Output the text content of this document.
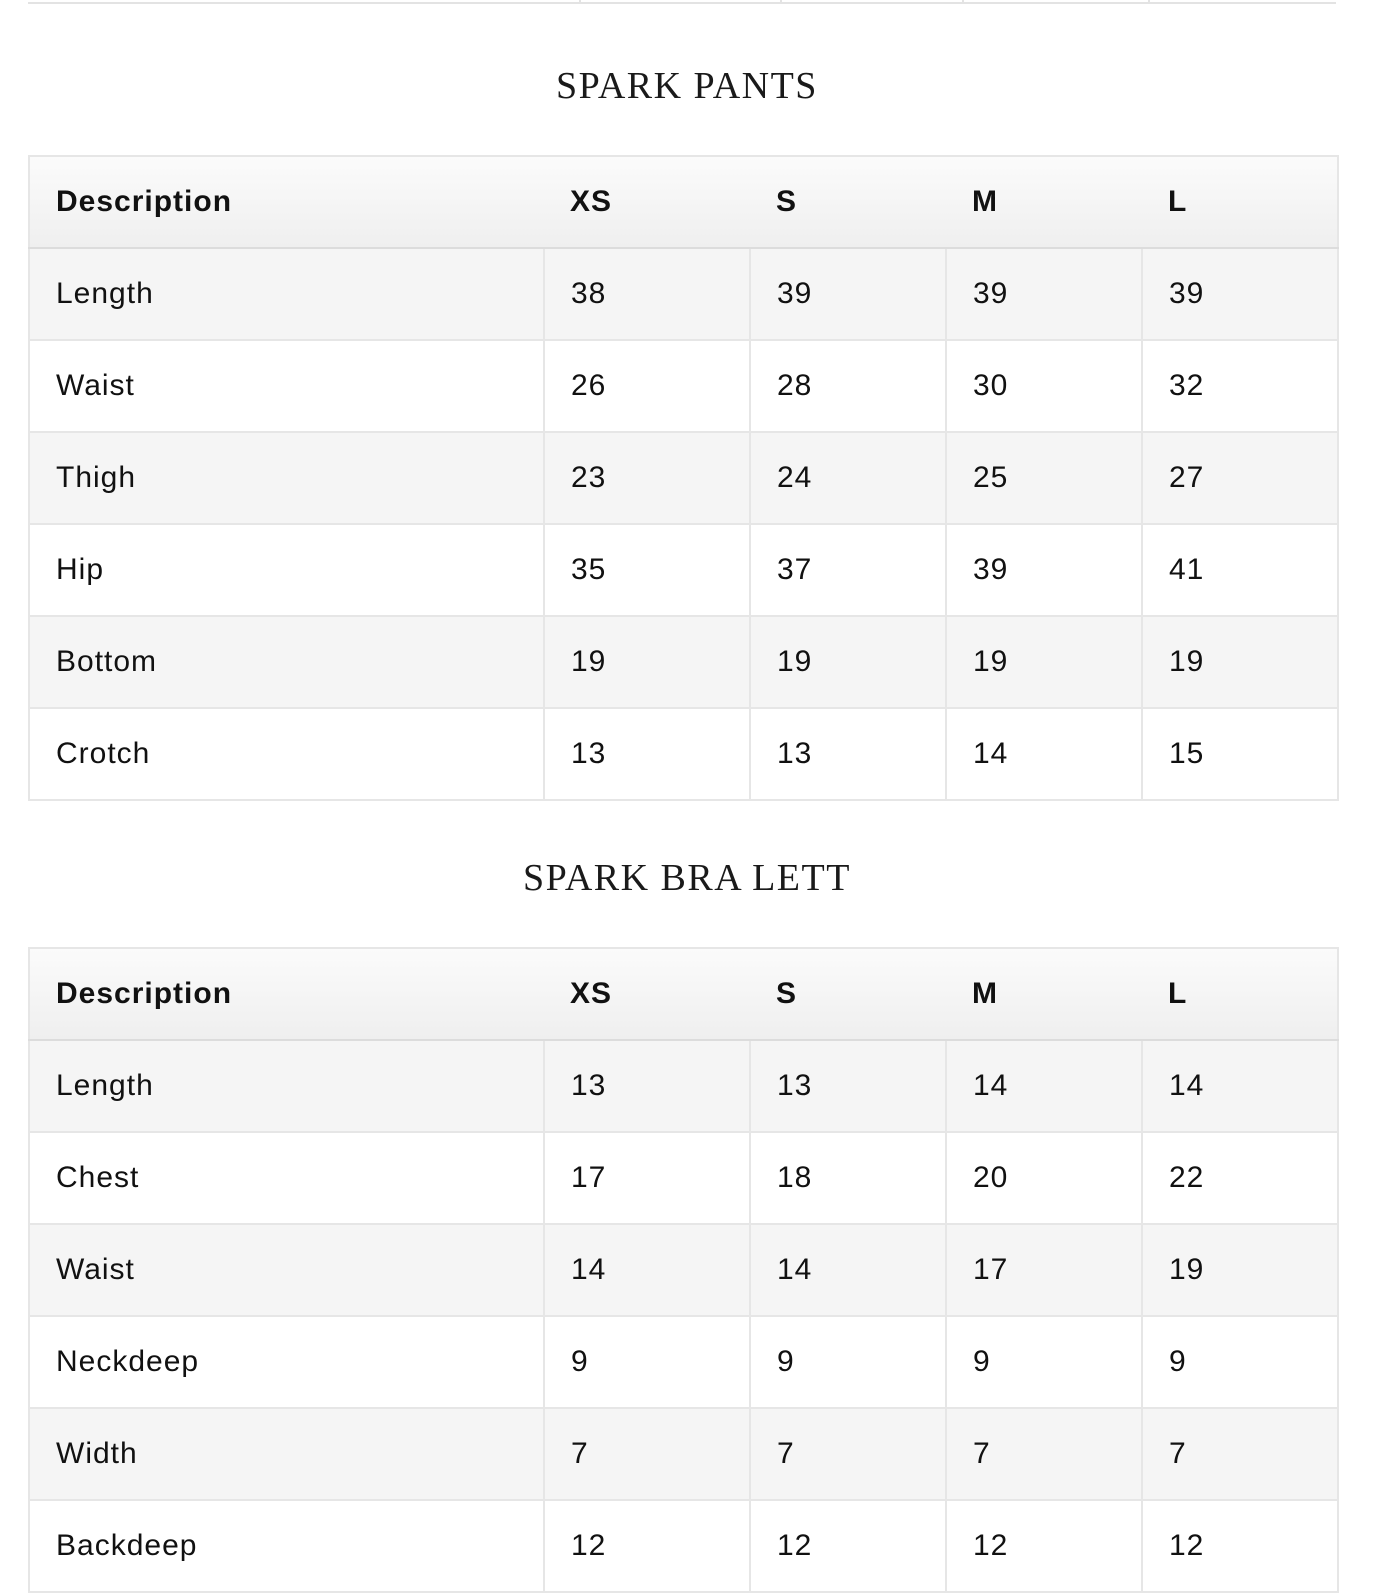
SPARK PANTS
Description	XS	S	M	L
Length	38	39	39	39
Waist	26	28	30	32
Thigh	23	24	25	27
Hip	35	37	39	41
Bottom	19	19	19	19
Crotch	13	13	14	15
SPARK BRA LETT
Description	XS	S	M	L
Length	13	13	14	14
Chest	17	18	20	22
Waist	14	14	17	19
Neckdeep	9	9	9	9
Width	7	7	7	7
Backdeep	12	12	12	12
